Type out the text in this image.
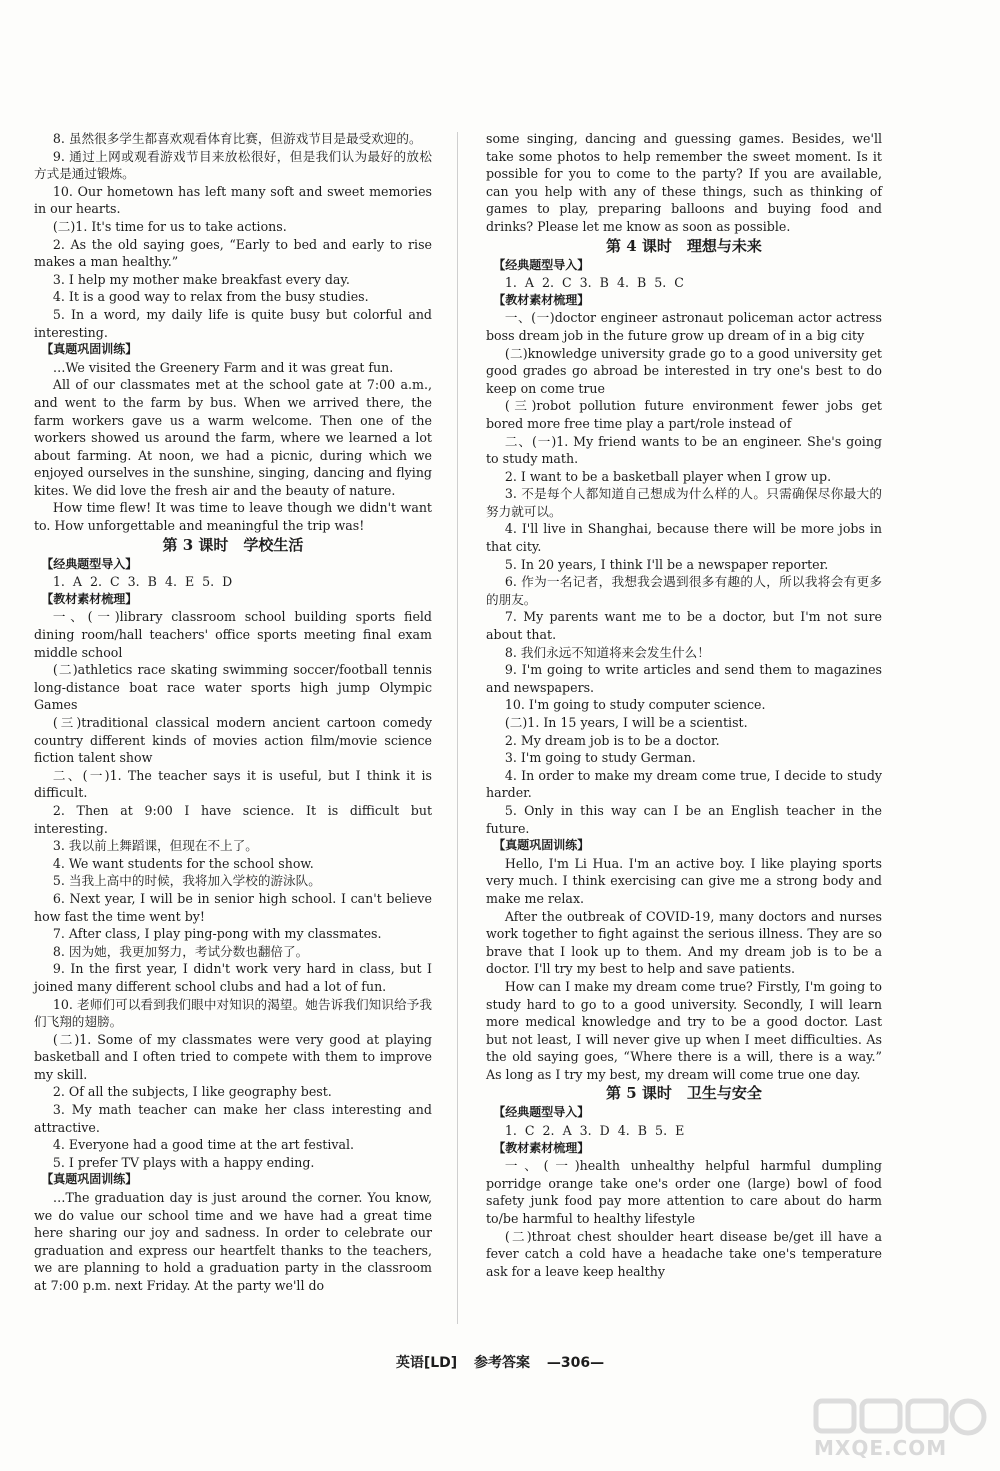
8. 虽然很多学生都喜欢观看体育比赛，但游戏节目是最受欢迎的。
9. 通过上网或观看游戏节目来放松很好，但是我们认为最好的放松方式是通过锻炼。
10. Our hometown has left many soft and sweet memories in our hearts.
(二)1. It's time for us to take actions.
2. As the old saying goes, “Early to bed and early to rise makes a man healthy.”
3. I help my mother make breakfast every day.
4. It is a good way to relax from the busy studies.
5. In a word, my daily life is quite busy but colorful and interesting.
【真题巩固训练】
…We visited the Greenery Farm and it was great fun.
All of our classmates met at the school gate at 7:00 a.m., and went to the farm by bus. When we arrived there, the farm workers gave us a warm welcome. Then one of the workers showed us around the farm, where we learned a lot about farming. At noon, we had a picnic, during which we enjoyed ourselves in the sunshine, singing, dancing and flying kites. We did love the fresh air and the beauty of nature.
How time flew! It was time to leave though we didn't want to. How unforgettable and meaningful the trip was!
第 3 课时　学校生活
【经典题型导入】
1. A 2. C 3. B 4. E 5. D
【教材素材梳理】
一、(一)library classroom school building sports field dining room/hall teachers' office sports meeting final exam middle school
(二)athletics race skating swimming soccer/football tennis long-distance boat race water sports high jump Olympic Games
(三)traditional classical modern ancient cartoon comedy country different kinds of movies action film/movie science fiction talent show
二、(一)1. The teacher says it is useful, but I think it is difficult.
2. Then at 9:00 I have science. It is difficult but interesting.
3. 我以前上舞蹈课，但现在不上了。
4. We want students for the school show.
5. 当我上高中的时候，我将加入学校的游泳队。
6. Next year, I will be in senior high school. I can't believe how fast the time went by!
7. After class, I play ping-pong with my classmates.
8. 因为她，我更加努力，考试分数也翻倍了。
9. In the first year, I didn't work very hard in class, but I joined many different school clubs and had a lot of fun.
10. 老师们可以看到我们眼中对知识的渴望。她告诉我们知识给予我们飞翔的翅膀。
(二)1. Some of my classmates were very good at playing basketball and I often tried to compete with them to improve my skill.
2. Of all the subjects, I like geography best.
3. My math teacher can make her class interesting and attractive.
4. Everyone had a good time at the art festival.
5. I prefer TV plays with a happy ending.
【真题巩固训练】
…The graduation day is just around the corner. You know, we do value our school time and we have had a great time here sharing our joy and sadness. In order to celebrate our graduation and express our heartfelt thanks to the teachers, we are planning to hold a graduation party in the classroom at 7:00 p.m. next Friday. At the party we'll do
some singing, dancing and guessing games. Besides, we'll take some photos to help remember the sweet moment. Is it possible for you to come to the party? If you are available, can you help with any of these things, such as thinking of games to play, preparing balloons and buying food and drinks? Please let me know as soon as possible.
第 4 课时　理想与未来
【经典题型导入】
1. A 2. C 3. B 4. B 5. C
【教材素材梳理】
一、(一)doctor engineer astronaut policeman actor actress boss dream job in the future grow up dream of in a big city
(二)knowledge university grade go to a good university get good grades go abroad be interested in try one's best to do keep on come true
(三)robot pollution future environment fewer jobs get bored more free time play a part/role instead of
二、(一)1. My friend wants to be an engineer. She's going to study math.
2. I want to be a basketball player when I grow up.
3. 不是每个人都知道自己想成为什么样的人。只需确保尽你最大的努力就可以。
4. I'll live in Shanghai, because there will be more jobs in that city.
5. In 20 years, I think I'll be a newspaper reporter.
6. 作为一名记者，我想我会遇到很多有趣的人，所以我将会有更多的朋友。
7. My parents want me to be a doctor, but I'm not sure about that.
8. 我们永远不知道将来会发生什么！
9. I'm going to write articles and send them to magazines and newspapers.
10. I'm going to study computer science.
(二)1. In 15 years, I will be a scientist.
2. My dream job is to be a doctor.
3. I'm going to study German.
4. In order to make my dream come true, I decide to study harder.
5. Only in this way can I be an English teacher in the future.
【真题巩固训练】
Hello, I'm Li Hua. I'm an active boy. I like playing sports very much. I think exercising can give me a strong body and make me relax.
After the outbreak of COVID-19, many doctors and nurses work together to fight against the serious illness. They are so brave that I look up to them. And my dream job is to be a doctor. I'll try my best to help and save patients.
How can I make my dream come true? Firstly, I'm going to study hard to go to a good university. Secondly, I will learn more medical knowledge and try to be a good doctor. Last but not least, I will never give up when I meet difficulties. As the old saying goes, “Where there is a will, there is a way.” As long as I try my best, my dream will come true one day.
第 5 课时　卫生与安全
【经典题型导入】
1. C 2. A 3. D 4. B 5. E
【教材素材梳理】
一、(一)health unhealthy helpful harmful dumpling porridge orange take one's order one (large) bowl of food safety junk food pay more attention to care about do harm to/be harmful to healthy lifestyle
(二)throat chest shoulder heart disease be/get ill have a fever catch a cold have a headache take one's temperature ask for a leave keep healthy
英语[LD] 参考答案 —306—
MXQE.COM
